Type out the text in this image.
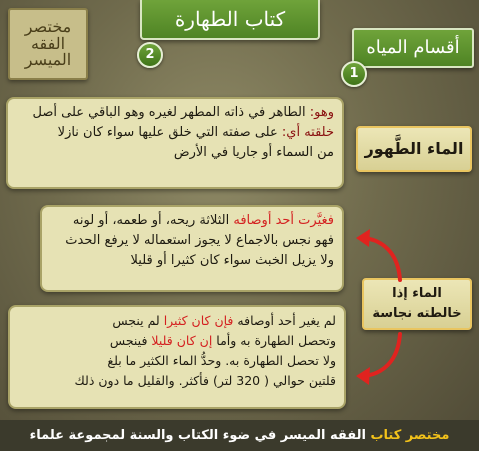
مختصر
الفقه
الميسر
كتاب الطهارة
2	أقسام المياه
1

وهو: الطاهر في ذاته المطهر لغيره وهو الباقي على أصل

خلقته أي: على صفته التي خلق عليها سواء كان نازلا

من السماء أو جاريا في الأرض	الماء الطَّهور

فغيَّرت أحد أوصافه الثلاثة ريحه، أو طعمه، أو لونه

فهو نجس بالاجماع لا يجوز استعماله لا يرفع الحدث

ولا يزيل الخبث سواء كان كثيرا أو قليلا

لم يغير أحد أوصافه فإن كان كثيرا لم ينجس

وتحصل الطهارة به وأما إن كان قليلا فينجس

ولا تحصل الطهارة به. وحدُّ الماء الكثير ما بلغ

قلتين حوالي ( 320 لتر) فأكثر. والقليل ما دون ذلك

الماء إذا
خالطته نجاسة
مختصر كتاب الفقه الميسر في ضوء الكتاب والسنة لمجموعة علماء
